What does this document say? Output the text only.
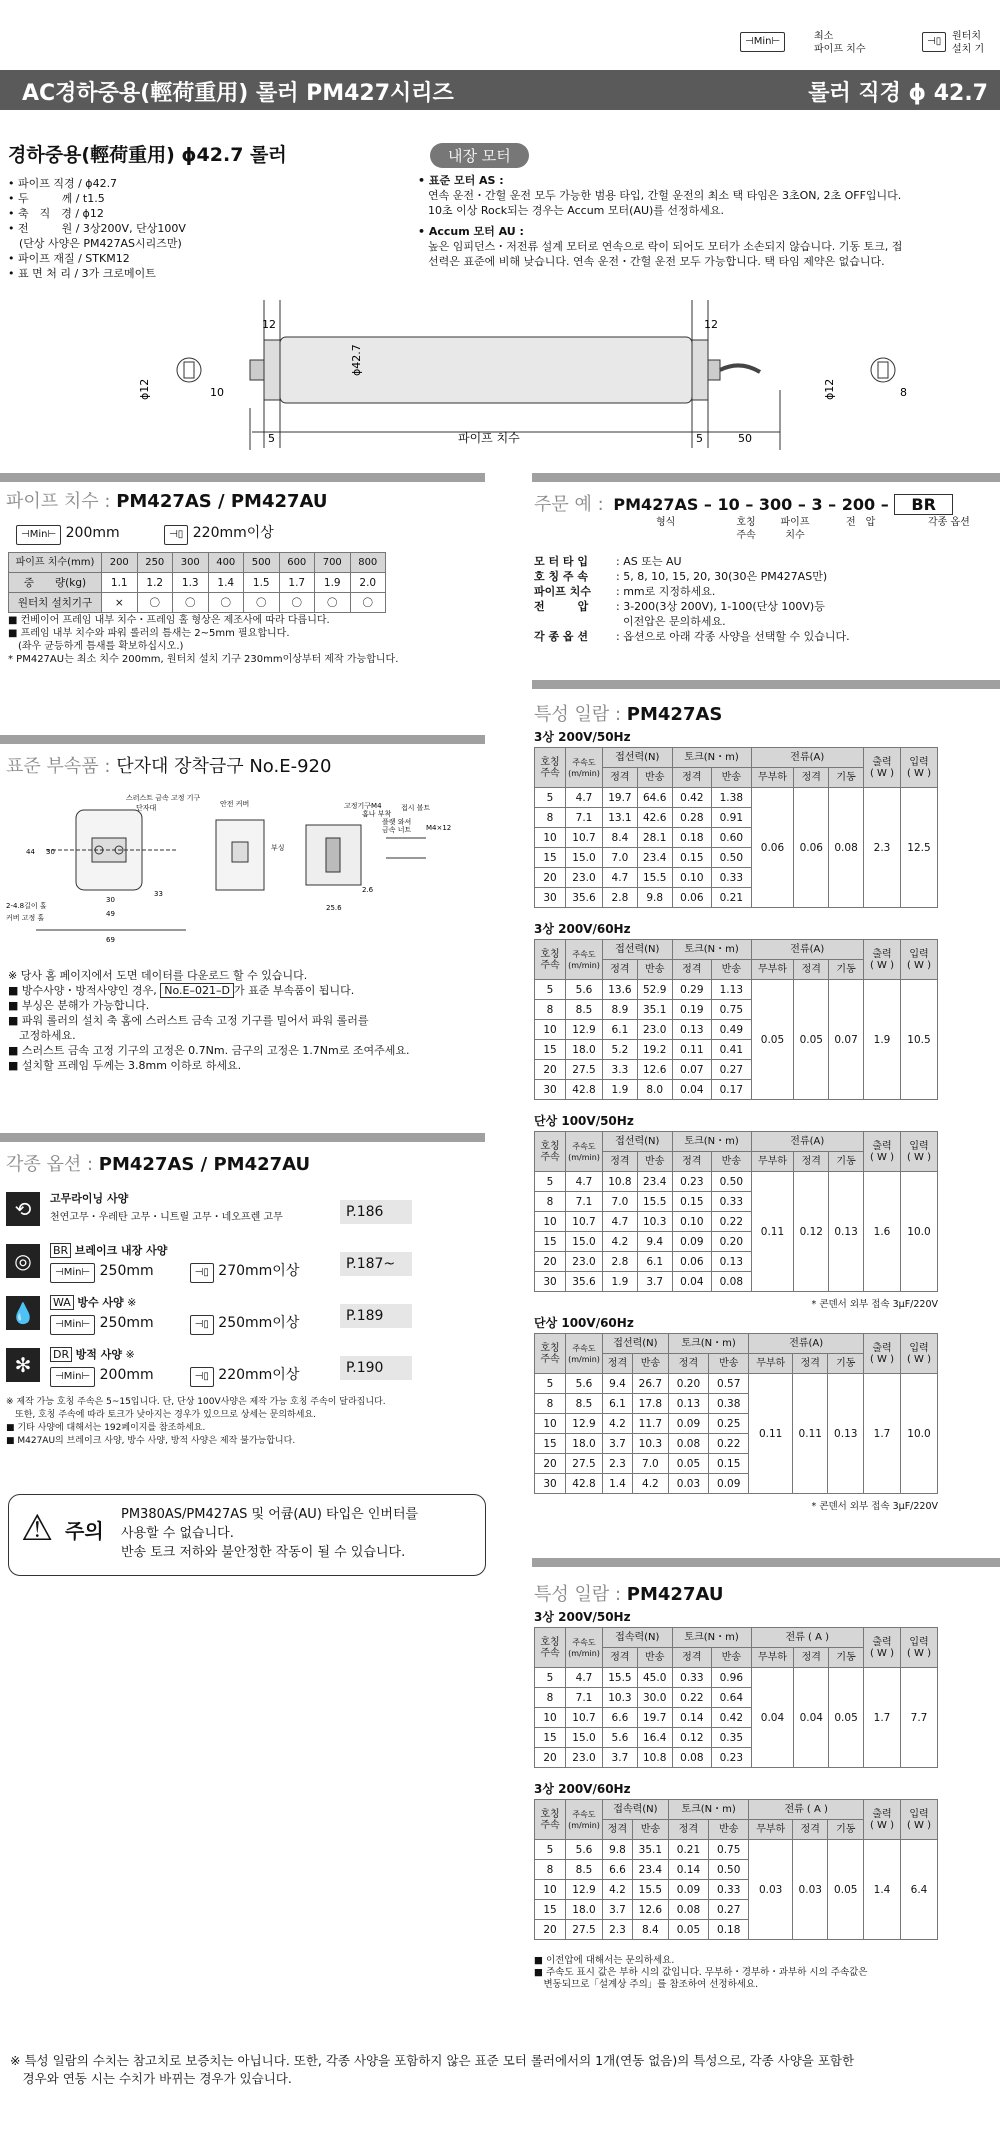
⊣Min⊢	최소
파이프 치수
⊣▯	원터치
설치 기
AC경하중용(輕荷重用) 롤러 PM427시리즈	롤러 직경 ϕ 42.7
경하중용(輕荷重用) ϕ42.7 롤러
• 파이프 직경 / ϕ42.7
• 두　　　께 / t1.5
• 축　직　경 / ϕ12
• 전　　　원 / 3상200V, 단상100V
　(단상 사양은 PM427AS시리즈만)
• 파이프 재질 / STKM12
• 표 면 처 리 / 3가 크로메이트
내장 모터
• 표준 모터 AS :
연속 운전・간헐 운전 모두 가능한 범용 타입, 간헐 운전의 최소 택 타임은 3초ON, 2초 OFF입니다.
10초 이상 Rock되는 경우는 Accum 모터(AU)를 선정하세요.
• Accum 모터 AU :
높은 임피던스・저전류 설계 모터로 연속으로 락이 되어도 모터가 소손되지 않습니다. 기동 토크, 접
선력은 표준에 비해 낮습니다. 연속 운전・간헐 운전 모두 가능합니다. 택 타임 제약은 없습니다.
12	12
10
ϕ42.7
ϕ12	ϕ12	8
5	파이프 치수	5	50
파이프 치수 : PM427AS / PM427AU
⊣Min⊢ 200mm	⊣▯ 220mm이상
파이프 치수(mm)	200	250	300	400	500	600	700	800
중　　량(kg)	1.1	1.2	1.3	1.4	1.5	1.7	1.9	2.0
원터치 설치기구	×	〇	〇	〇	〇	〇	〇	〇
■ 컨베이어 프레임 내부 치수・프레임 홀 형상은 제조사에 따라 다릅니다.
■ 프레임 내부 치수와 파워 롤러의 틈새는 2~5mm 필요합니다.
　(좌우 균등하게 틈새를 확보하십시오.)
* PM427AU는 최소 치수 200mm, 원터치 설치 기구 230mm이상부터 제작 가능합니다.
표준 부속품 : 단자대 장착금구 No.E-920
스러스트 금속 고정 기구
단자대	안전 커버
부싱
고정기구M4
홈나 부착
접시 볼트
플랫 와셔
금속 너트 M4×12
2-4.8길이 홀
커버 고정 홀
33
49
69
30
44 30
2.6
25.6
※ 당사 홈 페이지에서 도면 데이터를 다운로드 할 수 있습니다.
■ 방수사양・방적사양인 경우, No.E–021–D 가 표준 부속품이 됩니다.
■ 부싱은 분해가 가능합니다.
■ 파워 롤러의 설치 축 홈에 스러스트 금속 고정 기구를 밀어서 파워 롤러를
　고정하세요.
■ 스러스트 금속 고정 기구의 고정은 0.7Nm. 금구의 고정은 1.7Nm로 조여주세요.
■ 설치할 프레임 두께는 3.8mm 이하로 하세요.
각종 옵션 : PM427AS / PM427AU
⟲	고무라이닝 사양
천연고무・우레탄 고무・니트릴 고무・네오프렌 고무	P.186
◎	BR 브레이크 내장 사양
⊣Min⊢ 250mm	⊣▯ 270mm이상	P.187~
💧	WA 방수 사양 ※
⊣Min⊢ 250mm	⊣▯ 250mm이상	P.189
✻	DR 방적 사양 ※
⊣Min⊢ 200mm	⊣▯ 220mm이상	P.190
※ 제작 가능 호칭 주속은 5~15입니다. 단, 단상 100V사양은 제작 가능 호칭 주속이 달라집니다.
　또한, 호칭 주속에 따라 토크가 낮아지는 경우가 있으므로 상세는 문의하세요.
■ 기타 사양에 대해서는 192페이지를 참조하세요.
■ M427AU의 브레이크 사양, 방수 사양, 방적 사양은 제작 불가능합니다.
⚠ 주의
PM380AS/PM427AS 및 어큠(AU) 타입은 인버터를
사용할 수 없습니다.
반송 토크 저하와 불안정한 작동이 될 수 있습니다.
주문 예 : PM427AS – 10 – 300 – 3 – 200 – BR
형식	호칭
주속
파이프
치수
전　압	각종 옵션
모 터 타 입	: AS 또는 AU
호 칭 주 속	: 5, 8, 10, 15, 20, 30(30은 PM427AS만)
파이프 치수 : mm로 지정하세요.
전　　　압	: 3-200(3상 200V), 1-100(단상 100V)등
이전압은 문의하세요.
각 종 옵 션	: 옵션으로 아래 각종 사양을 선택할 수 있습니다.
특성 일람 : PM427AS
3상 200V/50Hz
호칭
주속	주속도
(m/min)	접선력(N)		토크(N・m)		전류(A)			출력
( W )	입력
( W )
		정격	반송	정격	반송	무부하	정격	기동		
5	4.7	19.7	64.6	0.42	1.38	0.06	0.06	0.08	2.3	12.5
8	7.1	13.1	42.6	0.28	0.91					
10	10.7	8.4	28.1	0.18	0.60					
15	15.0	7.0	23.4	0.15	0.50					
20	23.0	4.7	15.5	0.10	0.33					
30	35.6	2.8	9.8	0.06	0.21					
3상 200V/60Hz
호칭
주속	주속도
(m/min)	접선력(N)		토크(N・m)		전류(A)			출력
( W )	입력
( W )
		정격	반송	정격	반송	무부하	정격	기동		
5	5.6	13.6	52.9	0.29	1.13	0.05	0.05	0.07	1.9	10.5
8	8.5	8.9	35.1	0.19	0.75					
10	12.9	6.1	23.0	0.13	0.49					
15	18.0	5.2	19.2	0.11	0.41					
20	27.5	3.3	12.6	0.07	0.27					
30	42.8	1.9	8.0	0.04	0.17					
단상 100V/50Hz
호칭
주속	주속도
(m/min)	접선력(N)		토크(N・m)		전류(A)			출력
( W )	입력
( W )
		정격	반송	정격	반송	무부하	정격	기동		
5	4.7	10.8	23.4	0.23	0.50	0.11	0.12	0.13	1.6	10.0
8	7.1	7.0	15.5	0.15	0.33					
10	10.7	4.7	10.3	0.10	0.22					
15	15.0	4.2	9.4	0.09	0.20					
20	23.0	2.8	6.1	0.06	0.13					
30	35.6	1.9	3.7	0.04	0.08					
* 콘덴서 외부 접속 3μF/220V
단상 100V/60Hz
호칭
주속	주속도
(m/min)	접선력(N)		토크(N・m)		전류(A)			출력
( W )	입력
( W )
		정격	반송	정격	반송	무부하	정격	기동		
5	5.6	9.4	26.7	0.20	0.57	0.11	0.11	0.13	1.7	10.0
8	8.5	6.1	17.8	0.13	0.38					
10	12.9	4.2	11.7	0.09	0.25					
15	18.0	3.7	10.3	0.08	0.22					
20	27.5	2.3	7.0	0.05	0.15					
30	42.8	1.4	4.2	0.03	0.09					
* 콘덴서 외부 접속 3μF/220V
특성 일람 : PM427AU
3상 200V/50Hz
호칭
주속	주속도
(m/min)	접속력(N)		토크(N・m)		전류 ( A )			출력
( W )	입력
( W )
		정격	반송	정격	반송	무부하	정격	기동		
5	4.7	15.5	45.0	0.33	0.96	0.04	0.04	0.05	1.7	7.7
8	7.1	10.3	30.0	0.22	0.64					
10	10.7	6.6	19.7	0.14	0.42					
15	15.0	5.6	16.4	0.12	0.35					
20	23.0	3.7	10.8	0.08	0.23					
3상 200V/60Hz
호칭
주속	주속도
(m/min)	접속력(N)		토크(N・m)		전류 ( A )			출력
( W )	입력
( W )
		정격	반송	정격	반송	무부하	정격	기동		
5	5.6	9.8	35.1	0.21	0.75	0.03	0.03	0.05	1.4	6.4
8	8.5	6.6	23.4	0.14	0.50					
10	12.9	4.2	15.5	0.09	0.33					
15	18.0	3.7	12.6	0.08	0.27					
20	27.5	2.3	8.4	0.05	0.18					
■ 이전압에 대해서는 문의하세요.
■ 주속도 표시 값은 부하 시의 값입니다. 무부하・경부하・과부하 시의 주속값은
　변동되므로「설계상 주의」를 참조하여 선정하세요.
※ 특성 일람의 수치는 참고치로 보증치는 아닙니다. 또한, 각종 사양을 포함하지 않은 표준 모터 롤러에서의 1개(연동 없음)의 특성으로, 각종 사양을 포함한
　경우와 연동 시는 수치가 바뀌는 경우가 있습니다.
